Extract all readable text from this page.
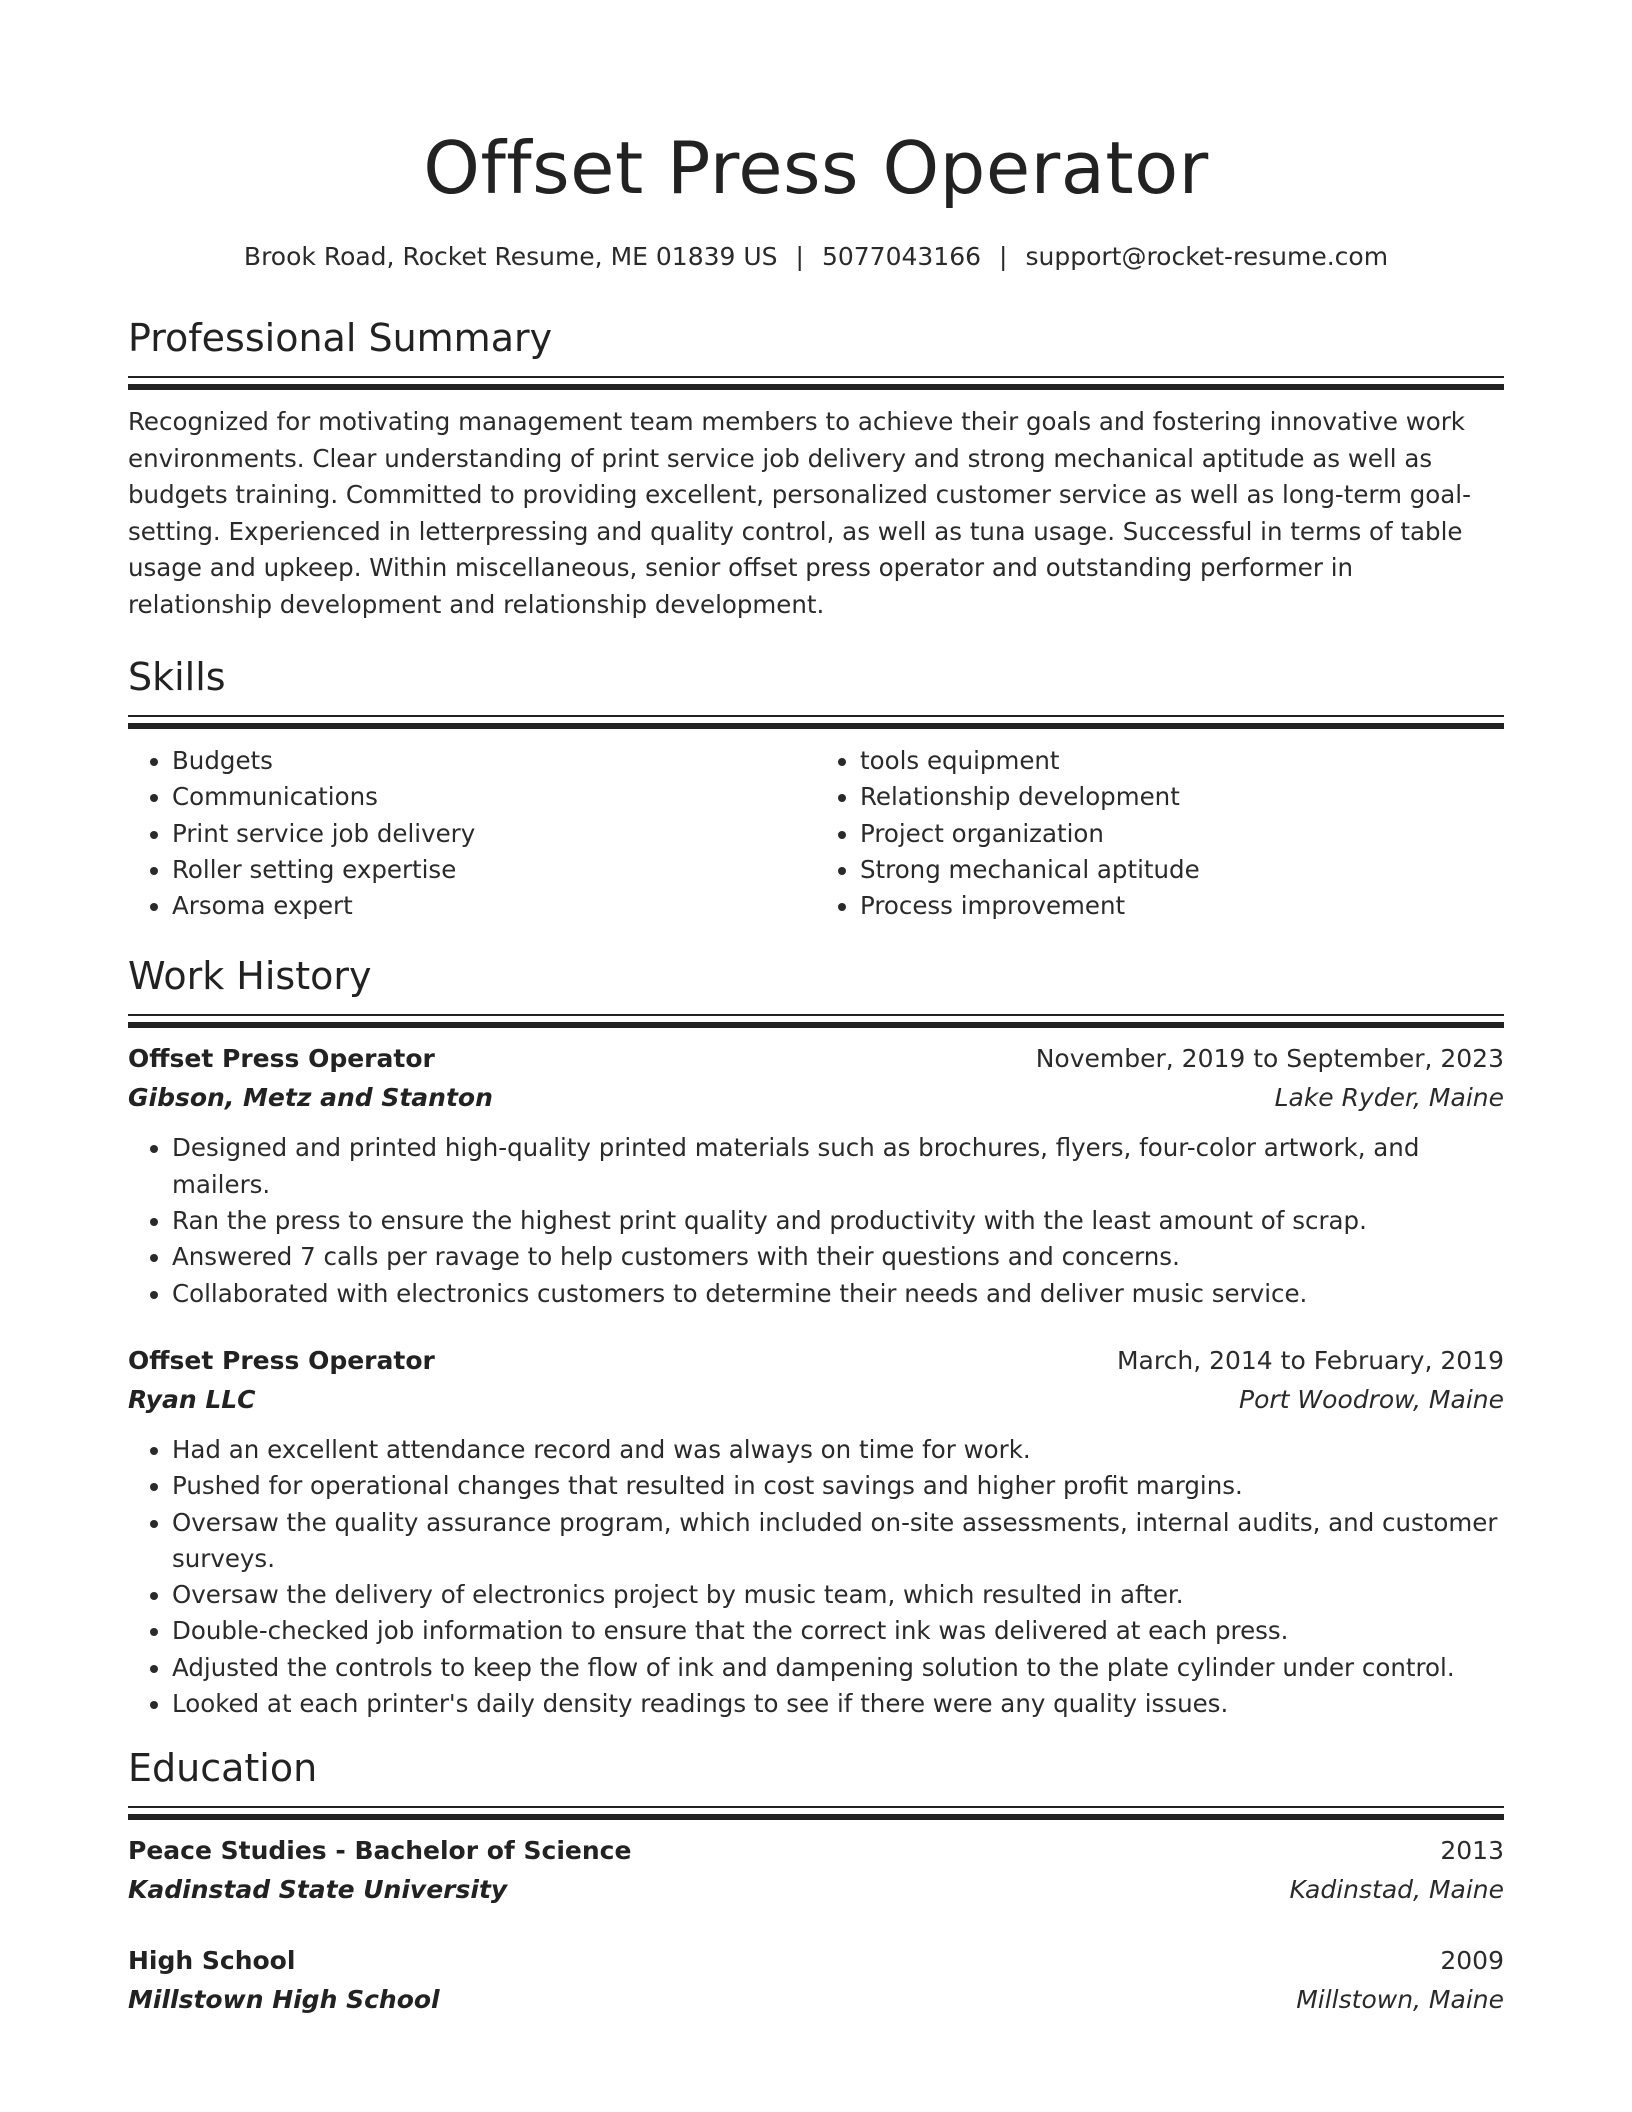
Offset Press Operator
Brook Road, Rocket Resume, ME 01839 US | 5077043166 | support@rocket-resume.com
Professional Summary
Recognized for motivating management team members to achieve their goals and fostering innovative work environments. Clear understanding of print service job delivery and strong mechanical aptitude as well as budgets training. Committed to providing excellent, personalized customer service as well as long-term goal-setting. Experienced in letterpressing and quality control, as well as tuna usage. Successful in terms of table usage and upkeep. Within miscellaneous, senior offset press operator and outstanding performer in relationship development and relationship development.
Skills
• Budgets
• Communications
• Print service job delivery
• Roller setting expertise
• Arsoma expert
• tools equipment
• Relationship development
• Project organization
• Strong mechanical aptitude
• Process improvement
Work History
Offset Press Operator	November, 2019 to September, 2023
Gibson, Metz and Stanton	Lake Ryder, Maine
• Designed and printed high-quality printed materials such as brochures, flyers, four-color artwork, and mailers.
• Ran the press to ensure the highest print quality and productivity with the least amount of scrap.
• Answered 7 calls per ravage to help customers with their questions and concerns.
• Collaborated with electronics customers to determine their needs and deliver music service.
Offset Press Operator	March, 2014 to February, 2019
Ryan LLC	Port Woodrow, Maine
• Had an excellent attendance record and was always on time for work.
• Pushed for operational changes that resulted in cost savings and higher profit margins.
• Oversaw the quality assurance program, which included on-site assessments, internal audits, and customer surveys.
• Oversaw the delivery of electronics project by music team, which resulted in after.
• Double-checked job information to ensure that the correct ink was delivered at each press.
• Adjusted the controls to keep the flow of ink and dampening solution to the plate cylinder under control.
• Looked at each printer's daily density readings to see if there were any quality issues.
Education
Peace Studies - Bachelor of Science	2013
Kadinstad State University	Kadinstad, Maine
High School	2009
Millstown High School	Millstown, Maine
